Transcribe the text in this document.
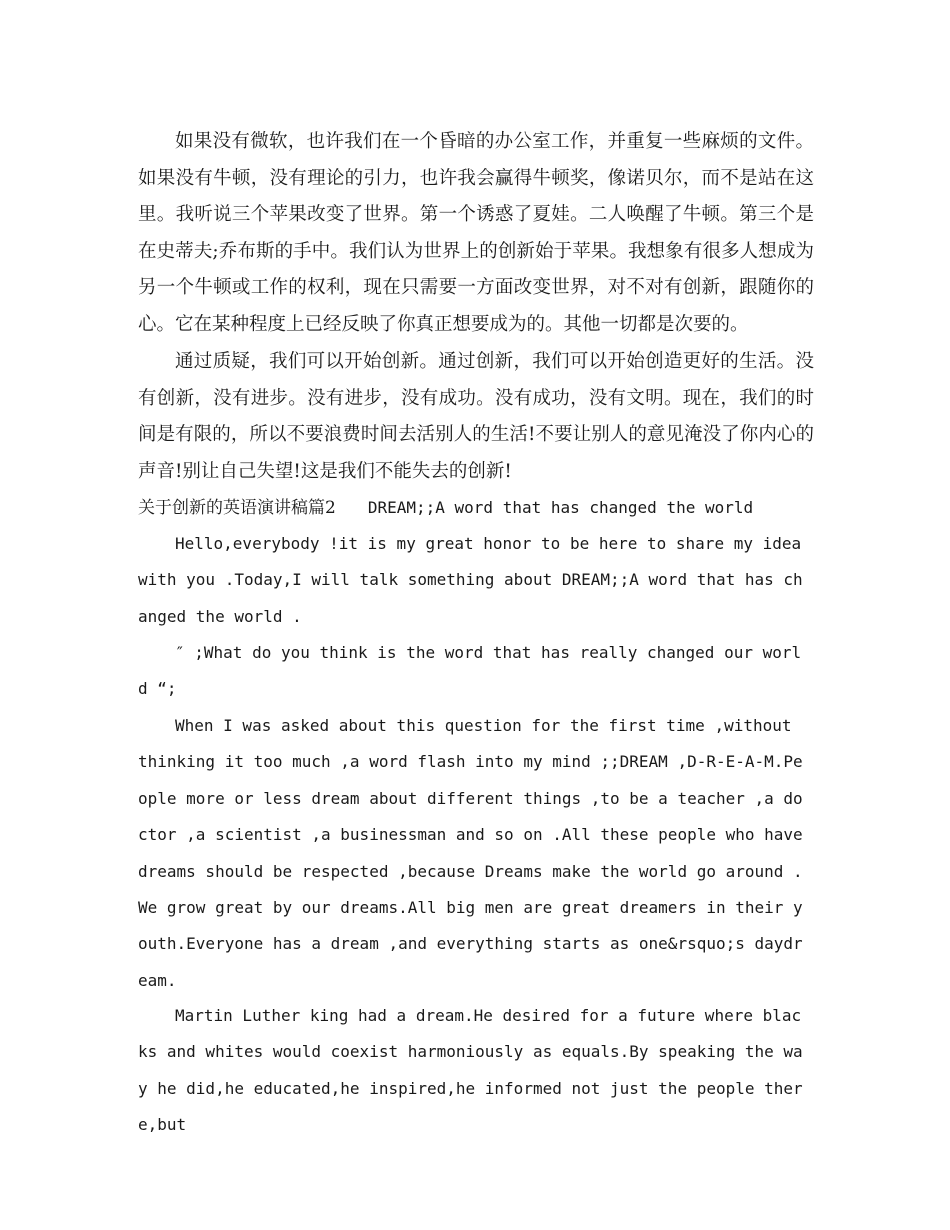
如果没有微软，也许我们在一个昏暗的办公室工作，并重复一些麻烦的文件。如果没有牛顿，没有理论的引力，也许我会赢得牛顿奖，像诺贝尔，而不是站在这里。我听说三个苹果改变了世界。第一个诱惑了夏娃。二人唤醒了牛顿。第三个是在史蒂夫;乔布斯的手中。我们认为世界上的创新始于苹果。我想象有很多人想成为另一个牛顿或工作的权利，现在只需要一方面改变世界，对不对有创新，跟随你的心。它在某种程度上已经反映了你真正想要成为的。其他一切都是次要的。

通过质疑，我们可以开始创新。通过创新，我们可以开始创造更好的生活。没有创新，没有进步。没有进步，没有成功。没有成功，没有文明。现在，我们的时间是有限的，所以不要浪费时间去活别人的生活!不要让别人的意见淹没了你内心的声音!别让自己失望!这是我们不能失去的创新!

关于创新的英语演讲稿篇2 DREAM;;A word that has changed the world

Hello,everybody !it is my great honor to be here to share my idea with you .Today,I will talk something about DREAM;;A word that has changed the world .

″ ;What do you think is the word that has really changed our world “;

When I was asked about this question for the first time ,without thinking it too much ,a word flash into my mind ;;DREAM ,D-R-E-A-M.People more or less dream about different things ,to be a teacher ,a doctor ,a scientist ,a businessman and so on .All these people who have dreams should be respected ,because Dreams make the world go around .We grow great by our dreams.All big men are great dreamers in their youth.Everyone has a dream ,and everything starts as one&rsquo;s daydream.

Martin Luther king had a dream.He desired for a future where blacks and whites would coexist harmoniously as equals.By speaking the way he did,he educated,he inspired,he informed not just the people there,but
